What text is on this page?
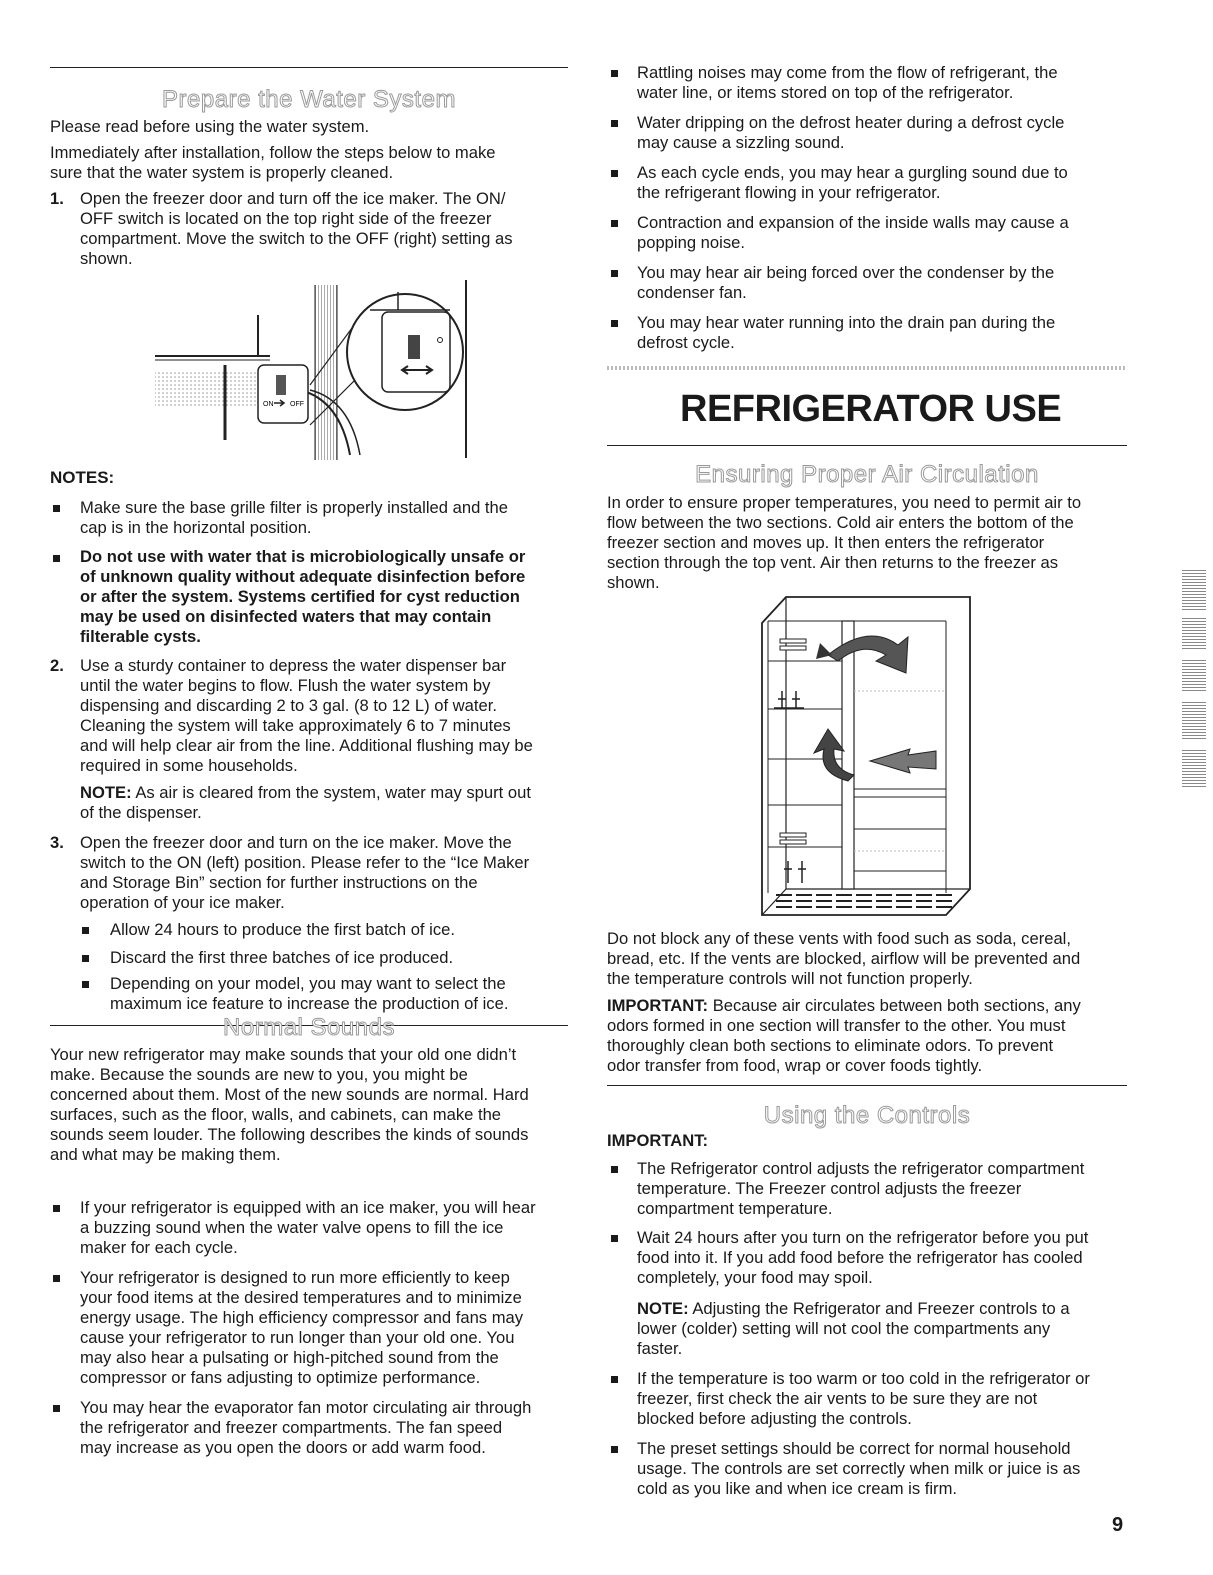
Prepare the Water System
Please read before using the water system.
Immediately after installation, follow the steps below to make
sure that the water system is properly cleaned.
1. Open the freezer door and turn off the ice maker. The ON/
OFF switch is located on the top right side of the freezer
compartment. Move the switch to the OFF (right) setting as
shown.
ON OFF
NOTES:
Make sure the base grille filter is properly installed and the
cap is in the horizontal position.
Do not use with water that is microbiologically unsafe or
of unknown quality without adequate disinfection before
or after the system. Systems certified for cyst reduction
may be used on disinfected waters that may contain
filterable cysts.
2. Use a sturdy container to depress the water dispenser bar
until the water begins to flow. Flush the water system by
dispensing and discarding 2 to 3 gal. (8 to 12 L) of water.
Cleaning the system will take approximately 6 to 7 minutes
and will help clear air from the line. Additional flushing may be
required in some households.
NOTE: As air is cleared from the system, water may spurt out
of the dispenser.
3. Open the freezer door and turn on the ice maker. Move the
switch to the ON (left) position. Please refer to the “Ice Maker
and Storage Bin” section for further instructions on the
operation of your ice maker.
Allow 24 hours to produce the first batch of ice.
Discard the first three batches of ice produced.
Depending on your model, you may want to select the
maximum ice feature to increase the production of ice.
Normal Sounds
Your new refrigerator may make sounds that your old one didn’t
make. Because the sounds are new to you, you might be
concerned about them. Most of the new sounds are normal. Hard
surfaces, such as the floor, walls, and cabinets, can make the
sounds seem louder. The following describes the kinds of sounds
and what may be making them.
If your refrigerator is equipped with an ice maker, you will hear
a buzzing sound when the water valve opens to fill the ice
maker for each cycle.
Your refrigerator is designed to run more efficiently to keep
your food items at the desired temperatures and to minimize
energy usage. The high efficiency compressor and fans may
cause your refrigerator to run longer than your old one. You
may also hear a pulsating or high-pitched sound from the
compressor or fans adjusting to optimize performance.
You may hear the evaporator fan motor circulating air through
the refrigerator and freezer compartments. The fan speed
may increase as you open the doors or add warm food.
Rattling noises may come from the flow of refrigerant, the
water line, or items stored on top of the refrigerator.
Water dripping on the defrost heater during a defrost cycle
may cause a sizzling sound.
As each cycle ends, you may hear a gurgling sound due to
the refrigerant flowing in your refrigerator.
Contraction and expansion of the inside walls may cause a
popping noise.
You may hear air being forced over the condenser by the
condenser fan.
You may hear water running into the drain pan during the
defrost cycle.
REFRIGERATOR USE
Ensuring Proper Air Circulation
In order to ensure proper temperatures, you need to permit air to
flow between the two sections. Cold air enters the bottom of the
freezer section and moves up. It then enters the refrigerator
section through the top vent. Air then returns to the freezer as
shown.
Do not block any of these vents with food such as soda, cereal,
bread, etc. If the vents are blocked, airflow will be prevented and
the temperature controls will not function properly.
IMPORTANT: Because air circulates between both sections, any
odors formed in one section will transfer to the other. You must
thoroughly clean both sections to eliminate odors. To prevent
odor transfer from food, wrap or cover foods tightly.
Using the Controls
IMPORTANT:
The Refrigerator control adjusts the refrigerator compartment
temperature. The Freezer control adjusts the freezer
compartment temperature.
Wait 24 hours after you turn on the refrigerator before you put
food into it. If you add food before the refrigerator has cooled
completely, your food may spoil.
NOTE: Adjusting the Refrigerator and Freezer controls to a
lower (colder) setting will not cool the compartments any
faster.
If the temperature is too warm or too cold in the refrigerator or
freezer, first check the air vents to be sure they are not
blocked before adjusting the controls.
The preset settings should be correct for normal household
usage. The controls are set correctly when milk or juice is as
cold as you like and when ice cream is firm.
9
